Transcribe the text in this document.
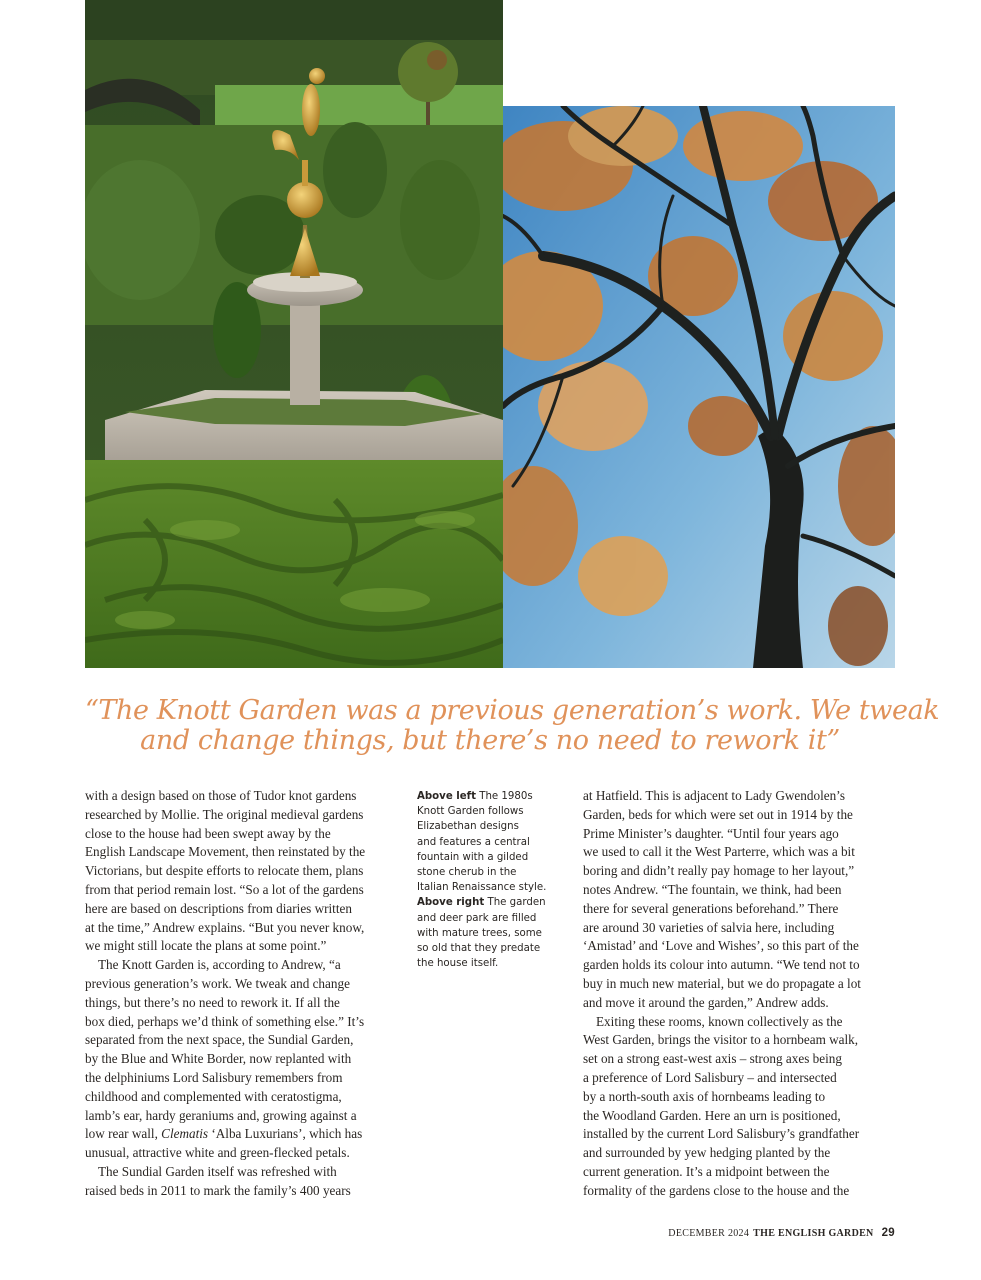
“The Knott Garden was a previous generation’s work. We tweak
and change things, but there’s no need to rework it”

with a design based on those of Tudor knot gardens
researched by Mollie. The original medieval gardens
close to the house had been swept away by the
English Landscape Movement, then reinstated by the
Victorians, but despite efforts to relocate them, plans
from that period remain lost. “So a lot of the gardens
here are based on descriptions from diaries written
at the time,” Andrew explains. “But you never know,
we might still locate the plans at some point.”

The Knott Garden is, according to Andrew, “a
previous generation’s work. We tweak and change
things, but there’s no need to rework it. If all the
box died, perhaps we’d think of something else.” It’s
separated from the next space, the Sundial Garden,
by the Blue and White Border, now replanted with
the delphiniums Lord Salisbury remembers from
childhood and complemented with ceratostigma,
lamb’s ear, hardy geraniums and, growing against a
low rear wall, Clematis ‘Alba Luxurians’, which has
unusual, attractive white and green-flecked petals.

The Sundial Garden itself was refreshed with
raised beds in 2011 to mark the family’s 400 years

Above left The 1980s
Knott Garden follows
Elizabethan designs
and features a central
fountain with a gilded
stone cherub in the
Italian Renaissance style.
Above right The garden
and deer park are filled
with mature trees, some
so old that they predate
the house itself.

at Hatfield. This is adjacent to Lady Gwendolen’s
Garden, beds for which were set out in 1914 by the
Prime Minister’s daughter. “Until four years ago
we used to call it the West Parterre, which was a bit
boring and didn’t really pay homage to her layout,”
notes Andrew. “The fountain, we think, had been
there for several generations beforehand.” There
are around 30 varieties of salvia here, including
‘Amistad’ and ‘Love and Wishes’, so this part of the
garden holds its colour into autumn. “We tend not to
buy in much new material, but we do propagate a lot
and move it around the garden,” Andrew adds.

Exiting these rooms, known collectively as the
West Garden, brings the visitor to a hornbeam walk,
set on a strong east-west axis – strong axes being
a preference of Lord Salisbury – and intersected
by a north-south axis of hornbeams leading to
the Woodland Garden. Here an urn is positioned,
installed by the current Lord Salisbury’s grandfather
and surrounded by yew hedging planted by the
current generation. It’s a midpoint between the
formality of the gardens close to the house and the

DECEMBER 2024 THE ENGLISH GARDEN 29
